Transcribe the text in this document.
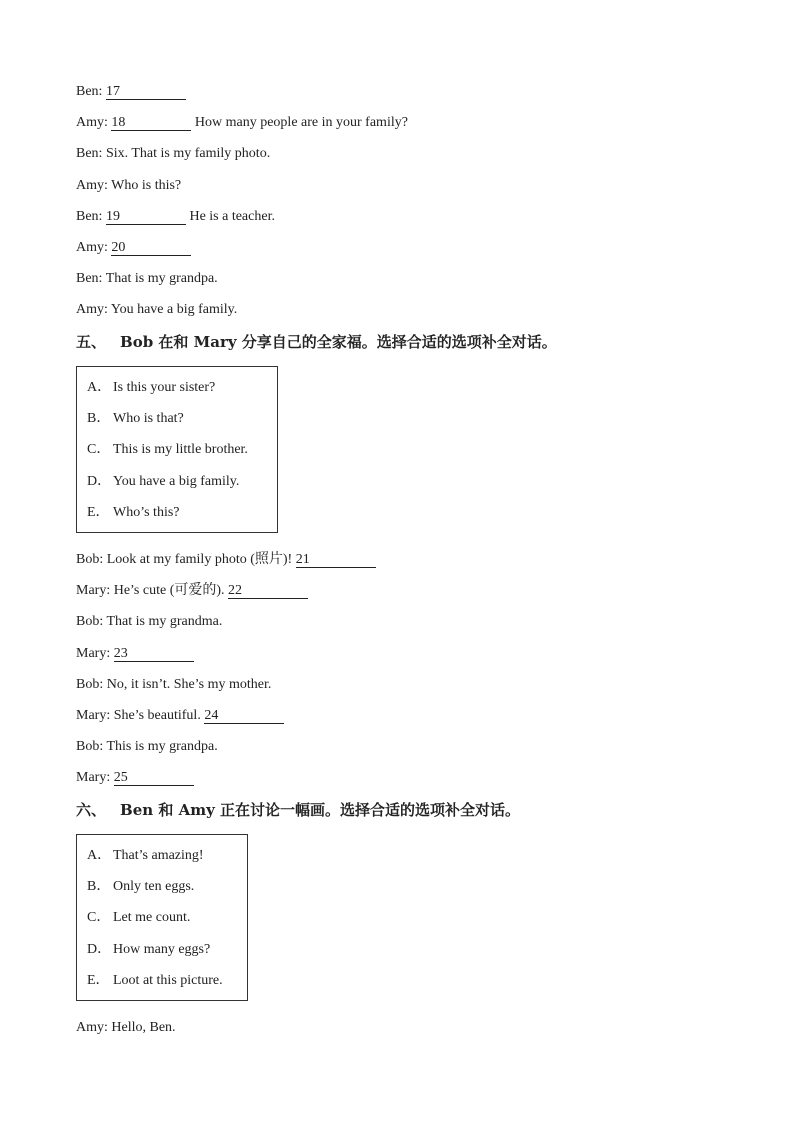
Ben: 17
Amy: 18	How many people are in your family?
Ben: Six. That is my family photo.
Amy: Who is this?
Ben: 19	He is a teacher.
Amy: 20
Ben: That is my grandpa.
Amy: You have a big family.
五、 Bob 在和 Mary 分享自己的全家福。选择合适的选项补全对话。
A． Is this your sister?
B． Who is that?
C． This is my little brother.
D． You have a big family.
E． Who’s this?
Bob: Look at my family photo (照片)! 21
Mary: He’s cute (可爱的). 22
Bob: That is my grandma.
Mary: 23
Bob: No, it isn’t. She’s my mother.
Mary: She’s beautiful. 24
Bob: This is my grandpa.
Mary: 25
六、 Ben 和 Amy 正在讨论一幅画。选择合适的选项补全对话。
A． That’s amazing!
B． Only ten eggs.
C． Let me count.
D． How many eggs?
E． Loot at this picture.
Amy: Hello, Ben.
